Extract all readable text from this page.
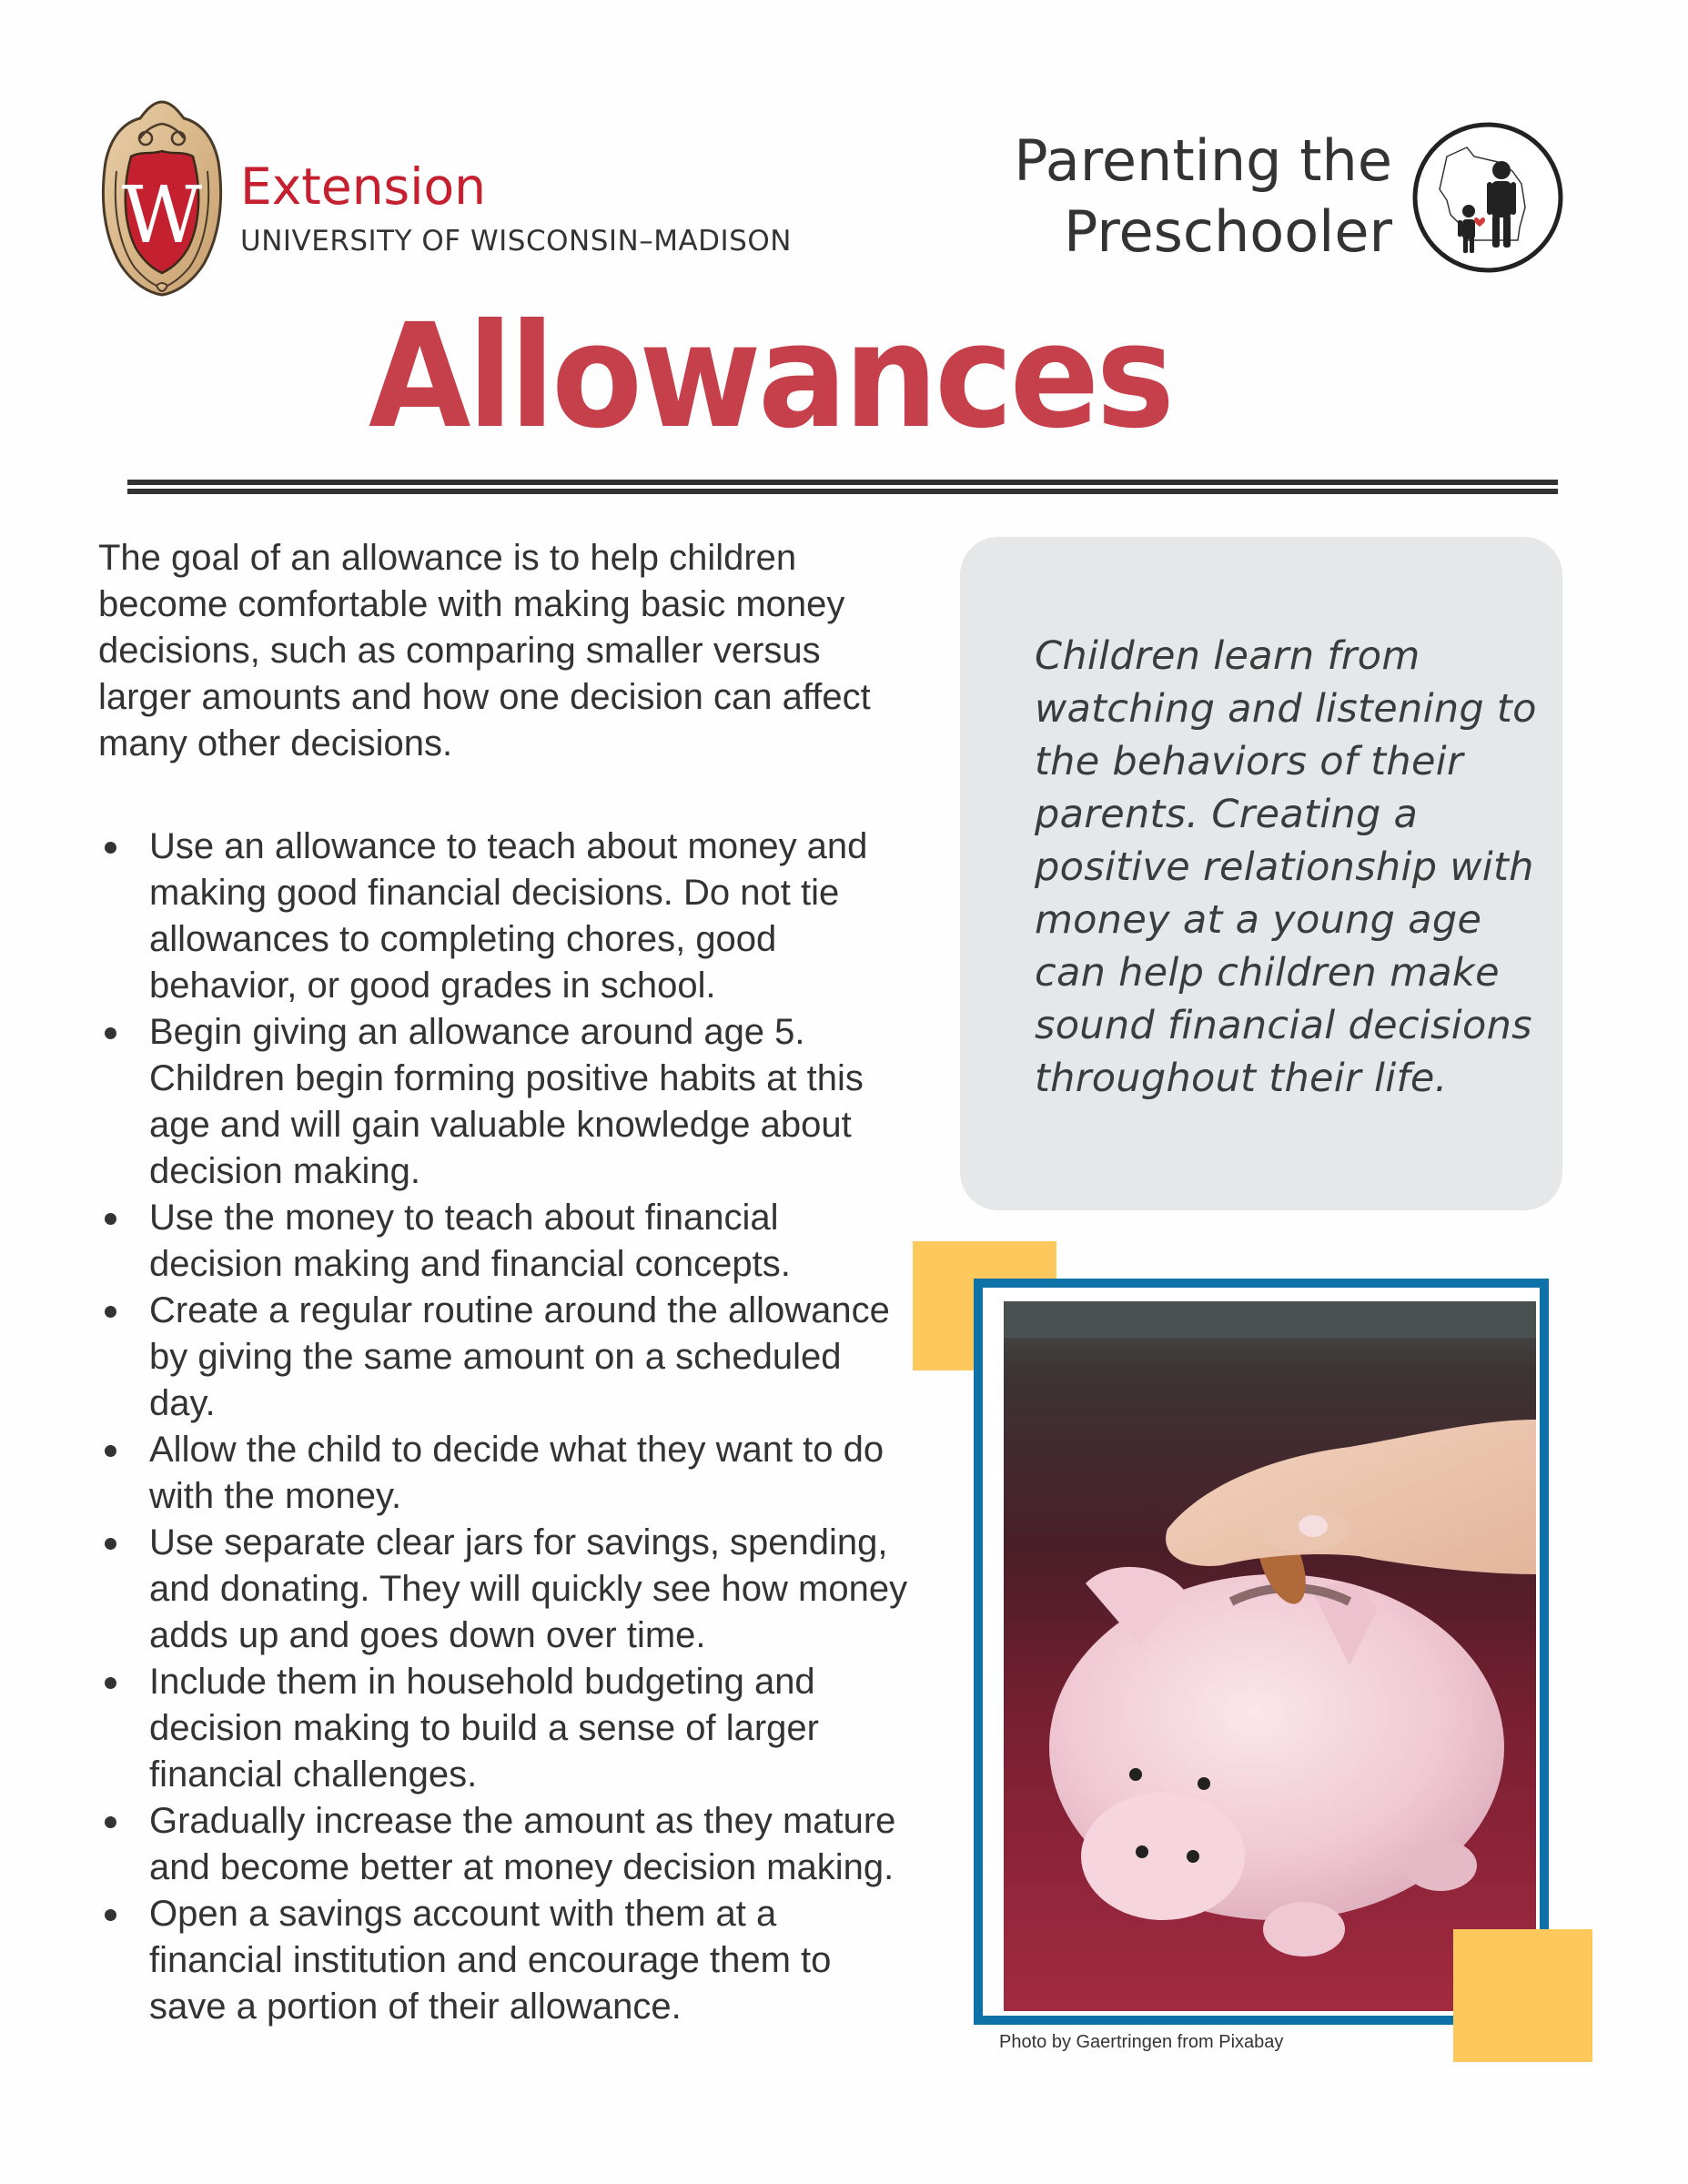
W Extension
UNIVERSITY OF WISCONSIN–MADISON
Parenting the
Preschooler
Allowances

The goal of an allowance is to help children become comfortable with making basic money decisions, such as comparing smaller versus larger amounts and how one decision can affect many other decisions.

Use an allowance to teach about money and making good financial decisions. Do not tie allowances to completing chores, good behavior, or good grades in school.
Begin giving an allowance around age 5. Children begin forming positive habits at this age and will gain valuable knowledge about decision making.
Use the money to teach about financial decision making and financial concepts.
Create a regular routine around the allowance by giving the same amount on a scheduled day.
Allow the child to decide what they want to do with the money.
Use separate clear jars for savings, spending, and donating. They will quickly see how money adds up and goes down over time.
Include them in household budgeting and decision making to build a sense of larger financial challenges.
Gradually increase the amount as they mature and become better at money decision making.
Open a savings account with them at a financial institution and encourage them to save a portion of their allowance.

Children learn from watching and listening to the behaviors of their parents. Creating a positive relationship with money at a young age can help children make sound financial decisions throughout their life.

Photo by Gaertringen from Pixabay
